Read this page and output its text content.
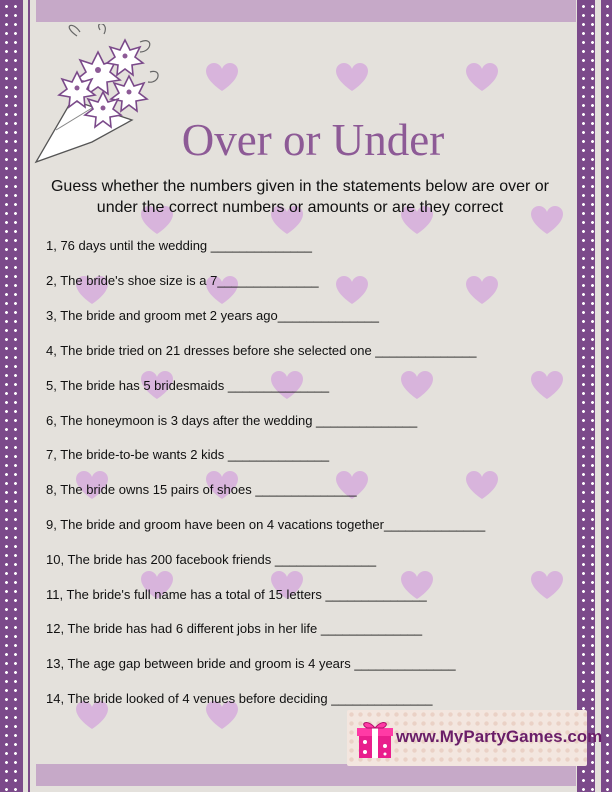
Over or Under
Guess whether the numbers given in the statements below are over or under the correct numbers or amounts or are they correct
1, 76 days until the wedding ______________
2, The bride's shoe size is a 7______________
3, The bride and groom met 2 years ago______________
4, The bride tried on 21 dresses before she selected one ______________
5, The bride has 5 bridesmaids ______________
6, The honeymoon is 3 days after the wedding ______________
7, The bride-to-be wants 2 kids ______________
8, The bride owns 15 pairs of shoes ______________
9, The bride and groom have been on 4 vacations together______________
10, The bride has 200 facebook friends ______________
11, The bride's full name has a total of 15 letters ______________
12, The bride has had 6 different jobs in her life ______________
13, The age gap between bride and groom is 4 years ______________
14, The bride looked of 4 venues before deciding ______________
www.MyPartyGames.com
